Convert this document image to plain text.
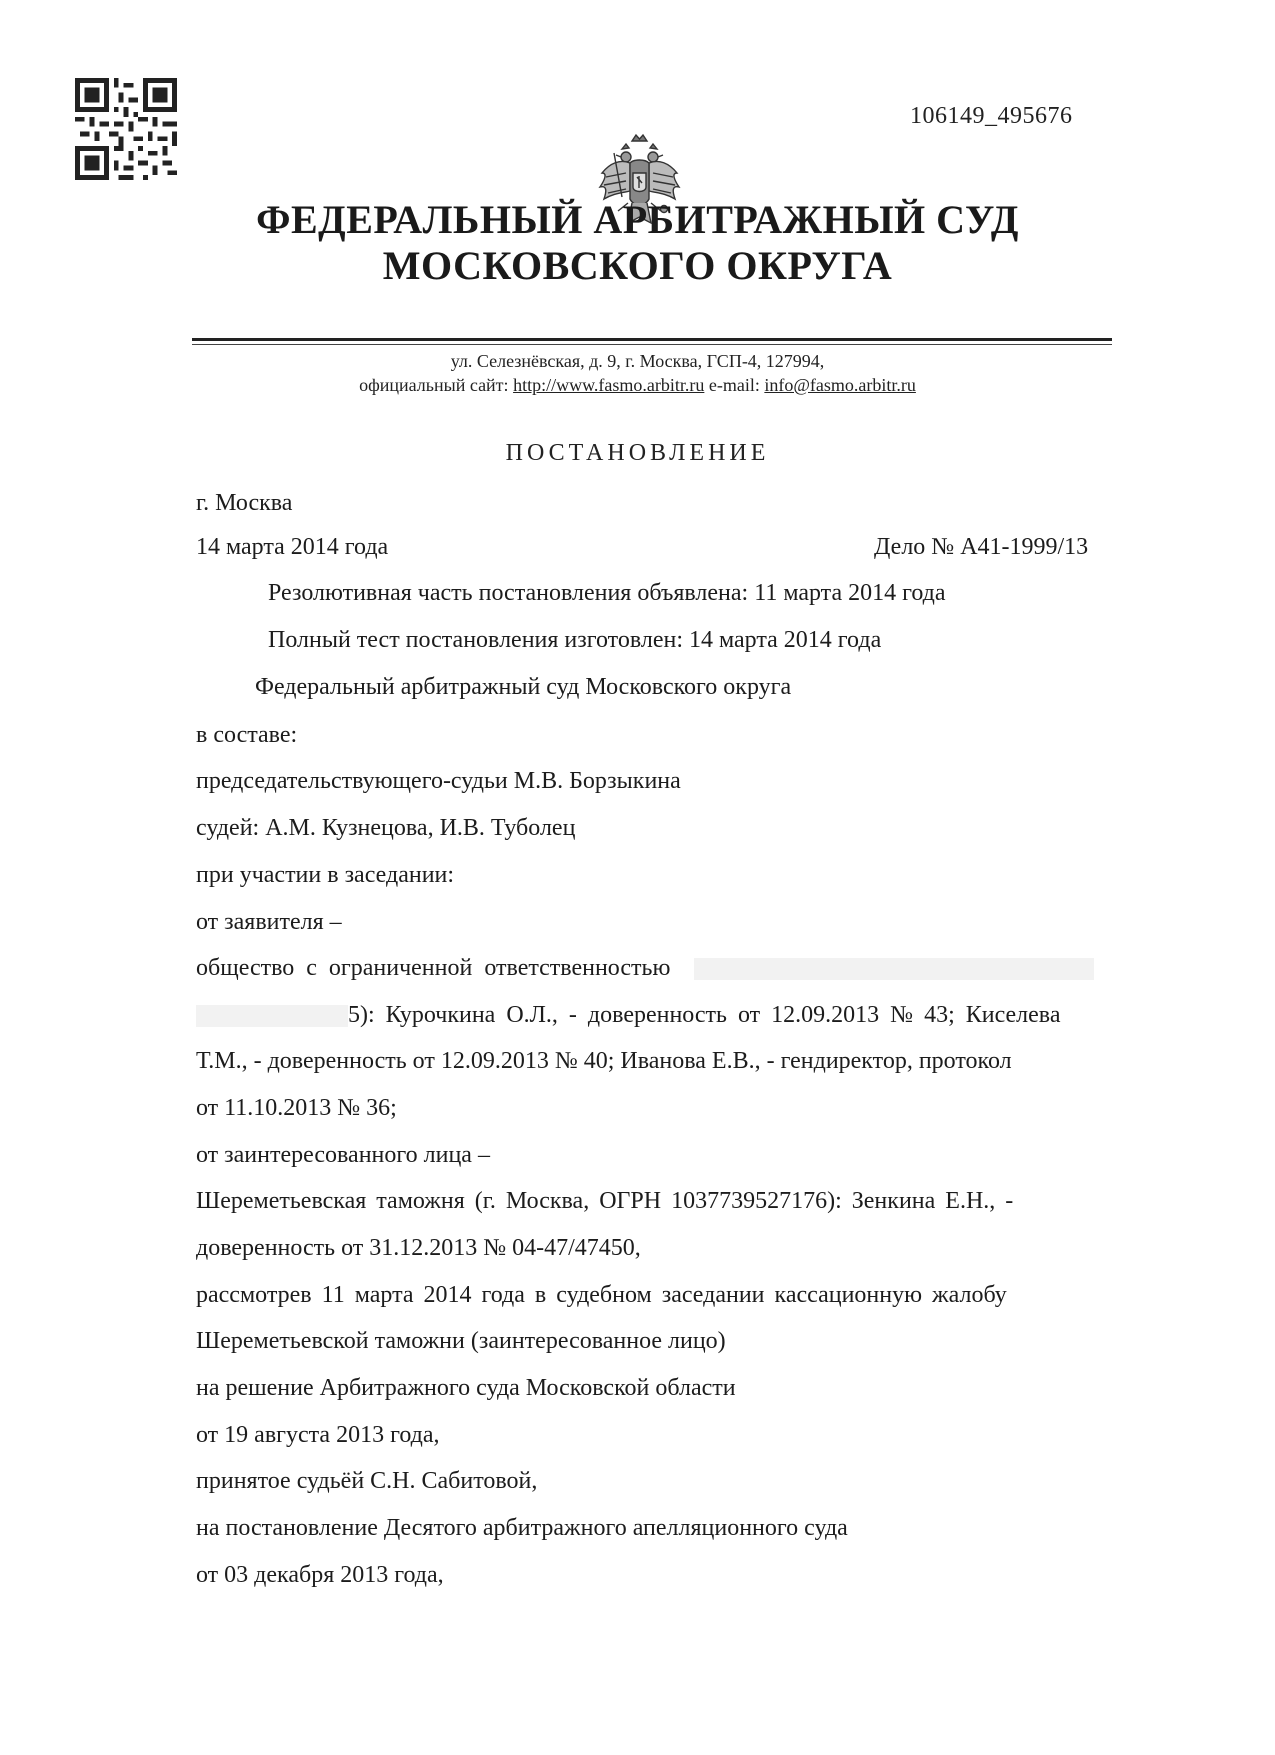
106149_495676
ФЕДЕРАЛЬНЫЙ АРБИТРАЖНЫЙ СУД
МОСКОВСКОГО ОКРУГА
ул. Селезнёвская, д. 9, г. Москва, ГСП-4, 127994,
официальный сайт: http://www.fasmo.arbitr.ru e-mail: info@fasmo.arbitr.ru
ПОСТАНОВЛЕНИЕ
г. Москва
14 марта 2014 года	Дело № А41-1999/13
Резолютивная часть постановления объявлена: 11 марта 2014 года
Полный тест постановления изготовлен: 14 марта 2014 года
Федеральный арбитражный суд Московского округа
в составе:
председательствующего-судьи М.В. Борзыкина
судей: А.М. Кузнецова, И.В. Туболец
при участии в заседании:
от заявителя –
общество с ограниченной ответственностью
5): Курочкина О.Л., - доверенность от 12.09.2013 № 43; Киселева
Т.М., - доверенность от 12.09.2013 № 40; Иванова Е.В., - гендиректор, протокол
от 11.10.2013 № 36;
от заинтересованного лица –
Шереметьевская таможня (г. Москва, ОГРН 1037739527176): Зенкина Е.Н., -
доверенность от 31.12.2013 № 04-47/47450,
рассмотрев 11 марта 2014 года в судебном заседании кассационную жалобу
Шереметьевской таможни (заинтересованное лицо)
на решение Арбитражного суда Московской области
от 19 августа 2013 года,
принятое судьёй С.Н. Сабитовой,
на постановление Десятого арбитражного апелляционного суда
от 03 декабря 2013 года,
